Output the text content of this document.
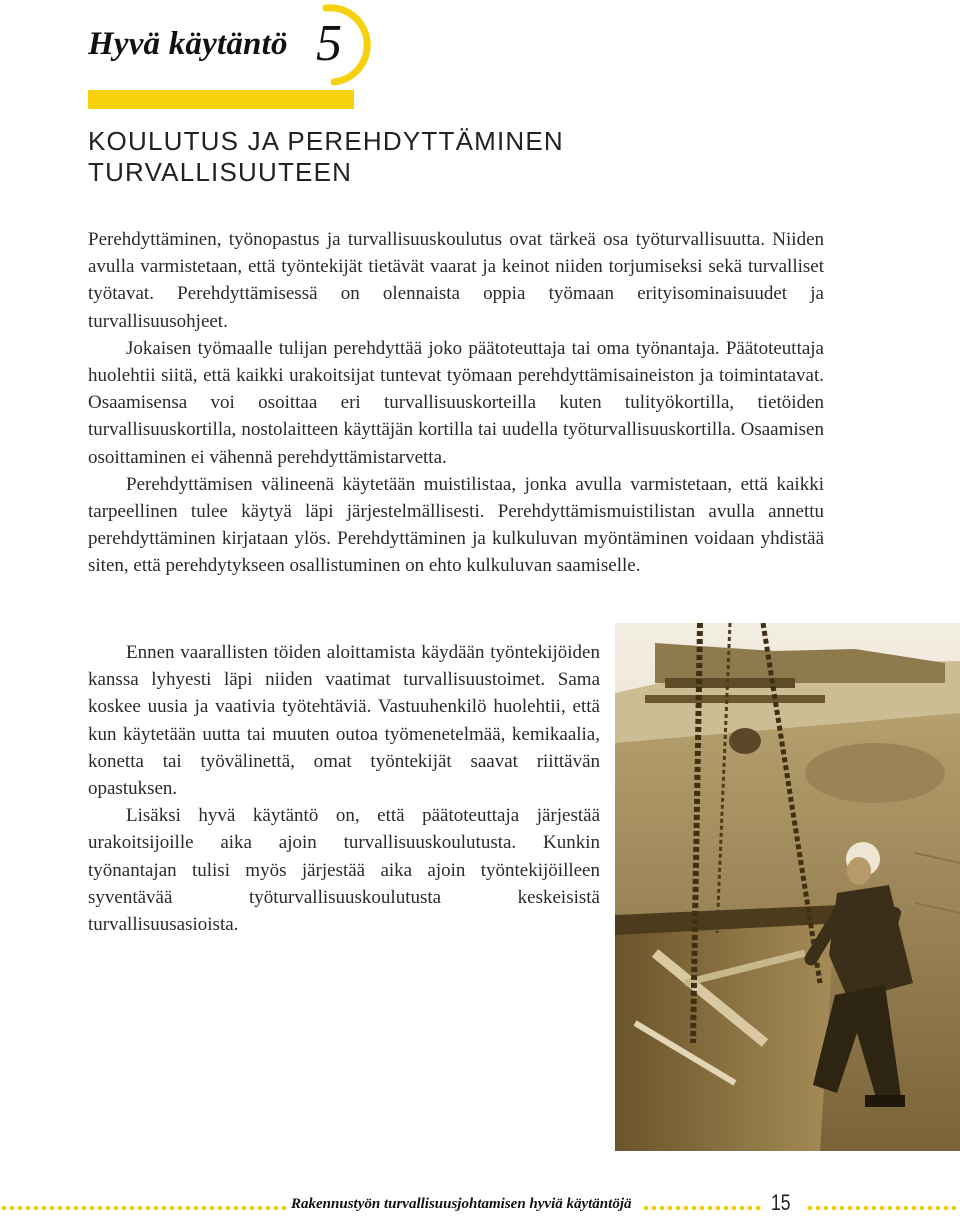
Hyvä käytäntö 5
KOULUTUS JA PEREHDYTTÄMINEN
TURVALLISUUTEEN

Perehdyttäminen, työnopastus ja turvallisuuskoulutus ovat tärkeä osa työturvallisuutta. Niiden avulla varmistetaan, että työntekijät tietävät vaarat ja keinot niiden torjumiseksi sekä turvalliset työtavat. Perehdyttämisessä on olennaista oppia työmaan erityisominaisuudet ja turvallisuusohjeet.

Jokaisen työmaalle tulijan perehdyttää joko päätoteuttaja tai oma työnantaja. Päätoteuttaja huolehtii siitä, että kaikki urakoitsijat tuntevat työmaan perehdyttämisaineiston ja toimintatavat. Osaamisensa voi osoittaa eri turvallisuuskorteilla kuten tulityökortilla, tietöiden turvallisuuskortilla, nostolaitteen käyttäjän kortilla tai uudella työturvallisuuskortilla. Osaamisen osoittaminen ei vähennä perehdyttämistarvetta.

Perehdyttämisen välineenä käytetään muistilistaa, jonka avulla varmistetaan, että kaikki tarpeellinen tulee käytyä läpi järjestelmällisesti. Perehdyttämismuistilistan avulla annettu perehdyttäminen kirjataan ylös. Perehdyttäminen ja kulkuluvan myöntäminen voidaan yhdistää siten, että perehdytykseen osallistuminen on ehto kulkuluvan saamiselle.

Ennen vaarallisten töiden aloittamista käydään työntekijöiden kanssa lyhyesti läpi niiden vaatimat turvallisuustoimet. Sama koskee uusia ja vaativia työtehtäviä. Vastuuhenkilö huolehtii, että kun käytetään uutta tai muuten outoa työmenetelmää, kemikaalia, konetta tai työvälinettä, omat työntekijät saavat riittävän opastuksen.

Lisäksi hyvä käytäntö on, että päätoteuttaja järjestää urakoitsijoille aika ajoin turvallisuuskoulutusta. Kunkin työnantajan tulisi myös järjestää aika ajoin työntekijöilleen syventävää työturvallisuuskoulutusta keskeisistä turvallisuusasioista.

Rakennustyön turvallisuusjohtamisen hyviä käytäntöjä	15
